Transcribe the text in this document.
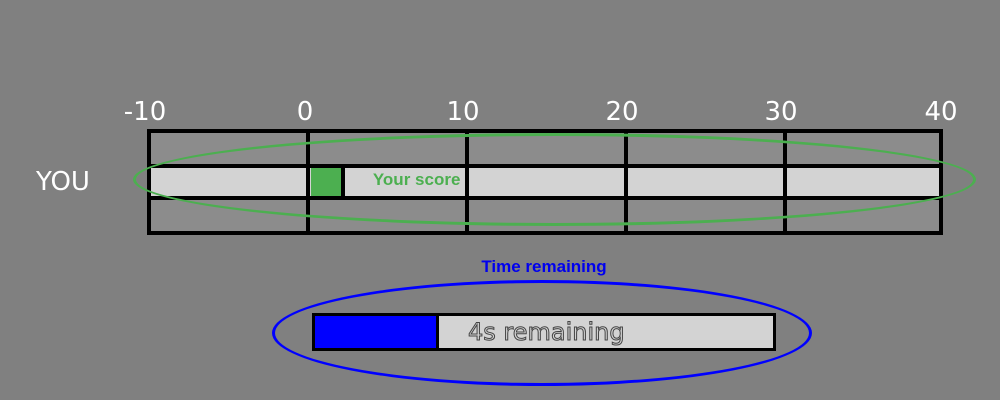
-10	0	10	20	30	40
YOU	Your score
Time remaining
4s remaining
